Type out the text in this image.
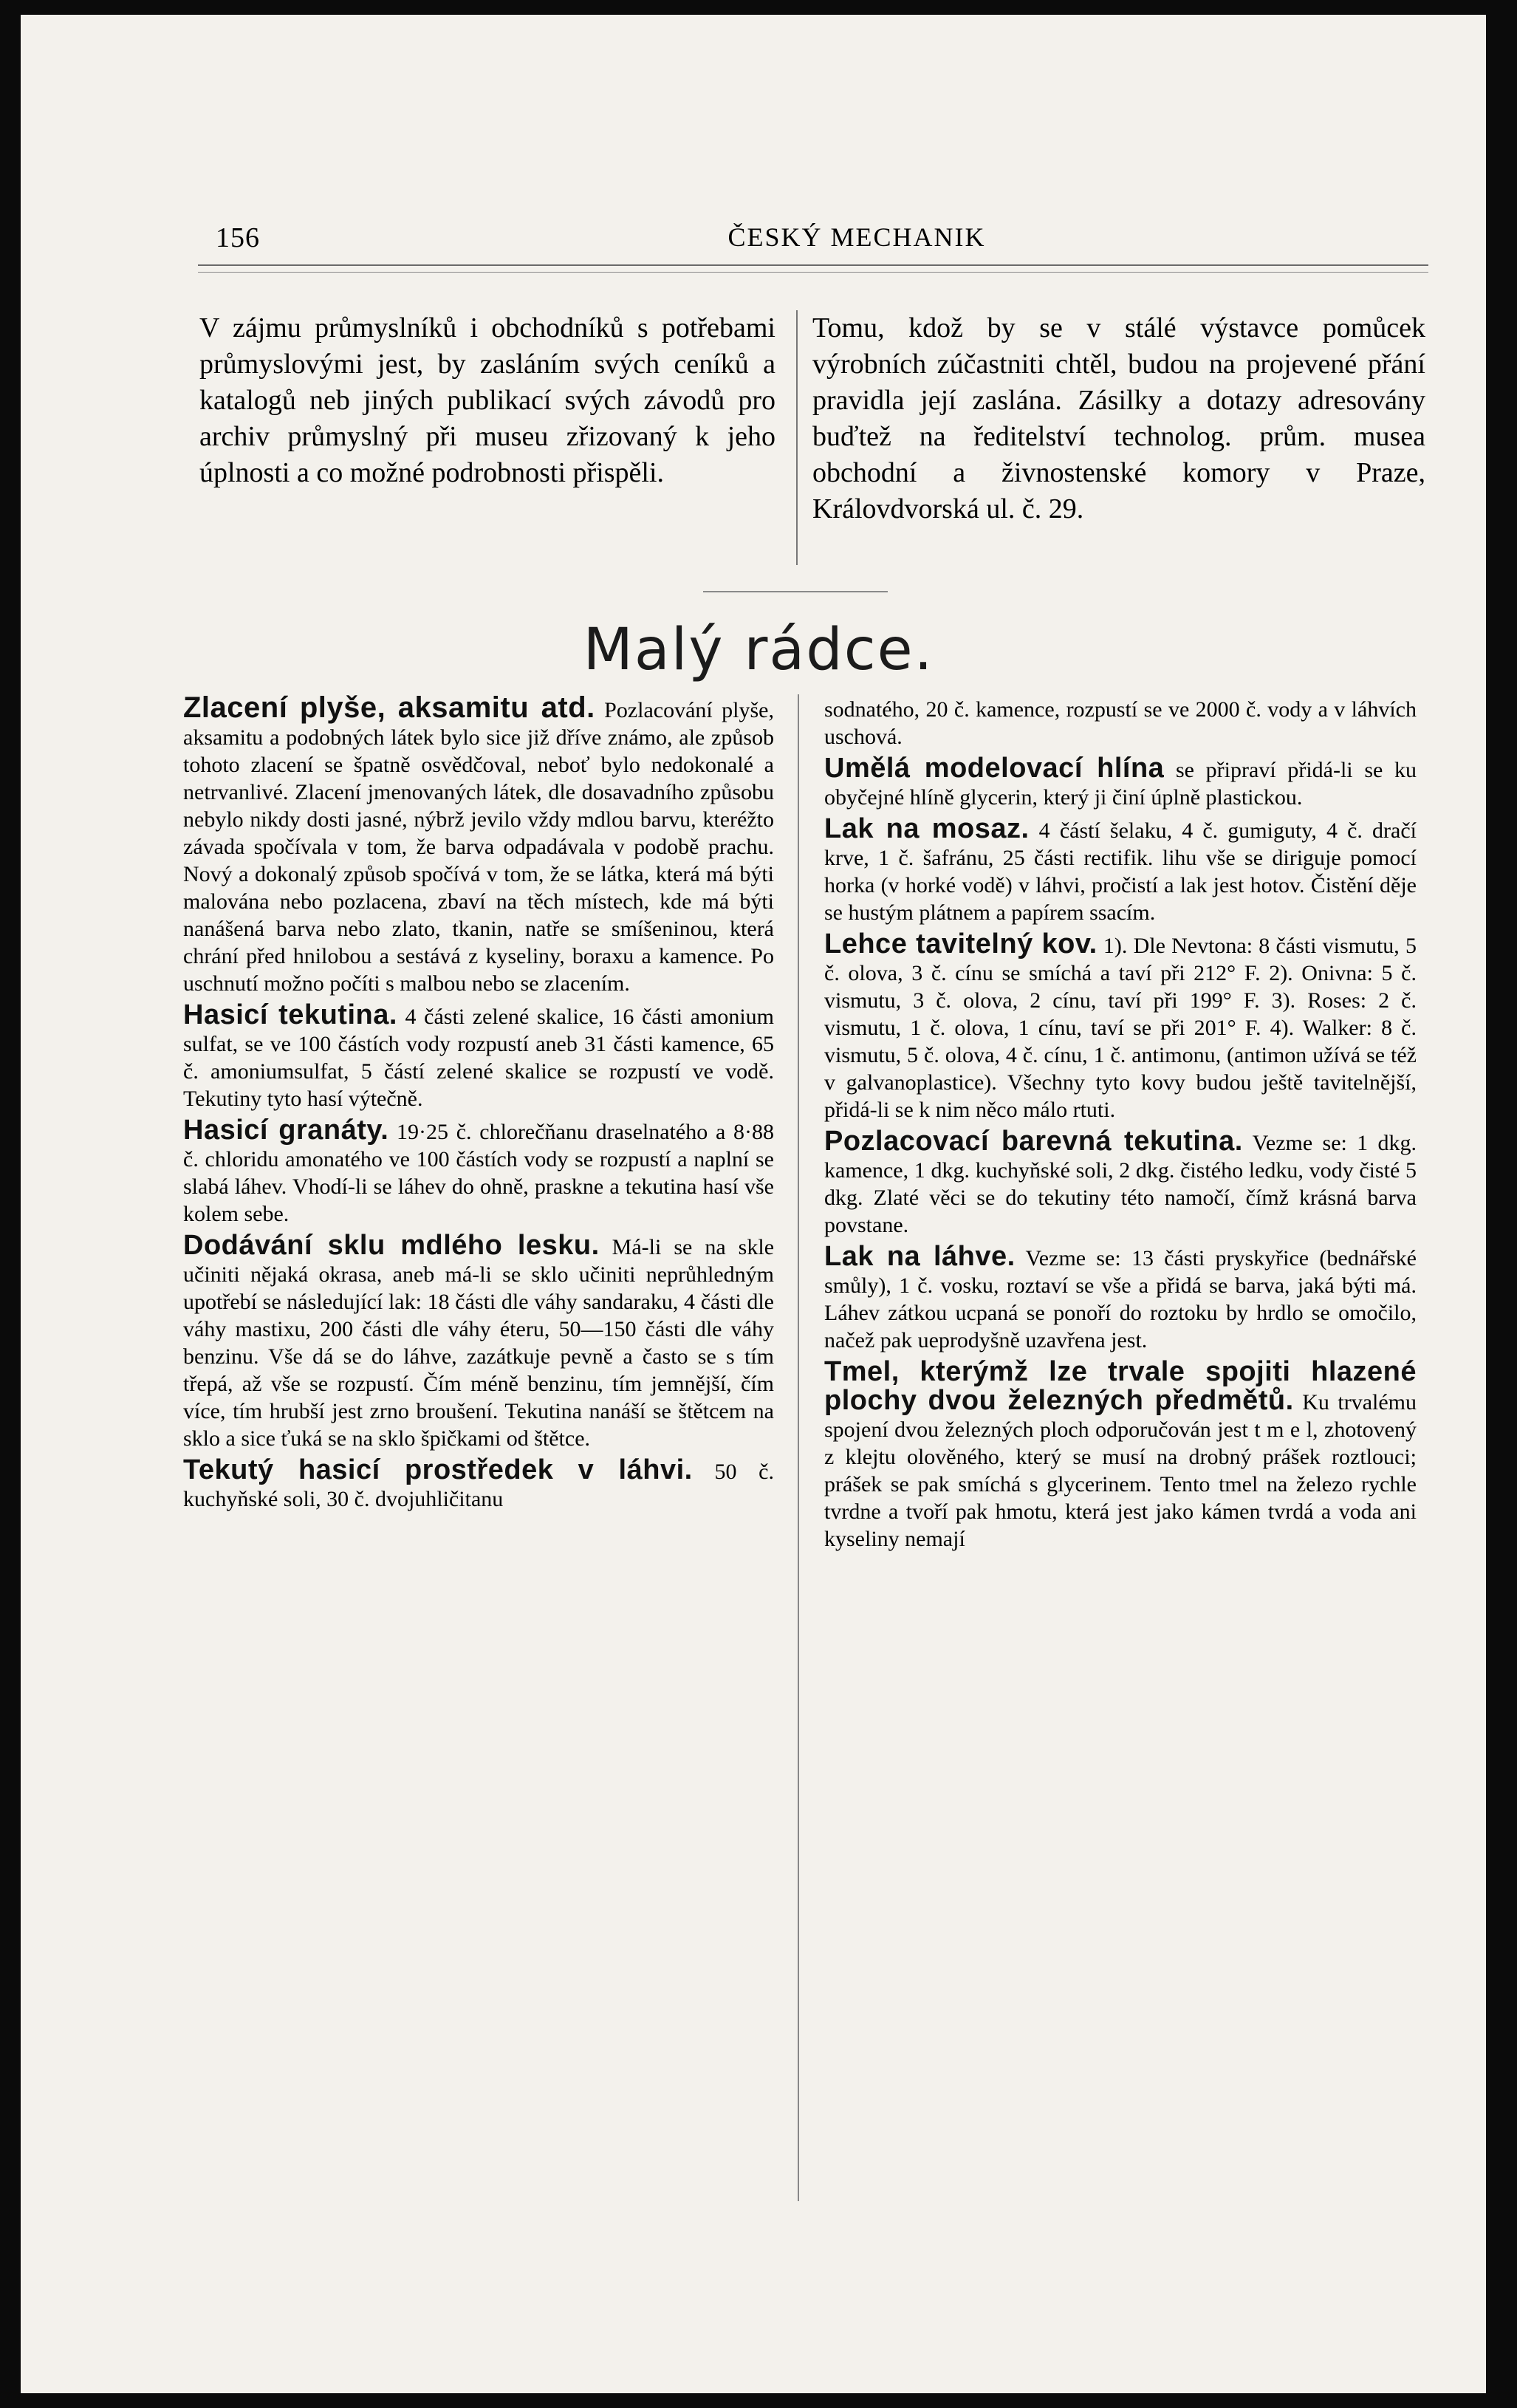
156	ČESKÝ MECHANIK

V zájmu průmyslníků i obchodníků s potřebami průmyslovými jest, by zasláním svých ceníků a katalogů neb jiných publikací svých závodů pro archiv průmyslný při museu zřizovaný k jeho úplnosti a co možné podrobnosti přispěli.

Tomu, kdož by se v stálé výstavce pomůcek výrobních zúčastniti chtěl, budou na projevené přání pravidla její zaslána. Zásilky a dotazy adresovány buďtež na ředitelství technolog. prům. musea obchodní a živnostenské komory v Praze, Královdvorská ul. č. 29.

Malý rádce.

Zlacení plyše, aksamitu atd. Pozlacování plyše, aksamitu a podobných látek bylo sice již dříve známo, ale způsob tohoto zlacení se špatně osvědčoval, neboť bylo nedokonalé a netrvanlivé. Zlacení jmenovaných látek, dle dosavadního způsobu nebylo nikdy dosti jasné, nýbrž jevilo vždy mdlou barvu, kteréžto závada spočívala v tom, že barva odpadávala v podobě prachu. Nový a dokonalý způsob spočívá v tom, že se látka, která má býti malována nebo pozlacena, zbaví na těch místech, kde má býti nanášená barva nebo zlato, tkanin, natře se smíšeninou, která chrání před hnilobou a sestává z kyseliny, boraxu a kamence. Po uschnutí možno počíti s malbou nebo se zlacením.

Hasicí tekutina. 4 části zelené skalice, 16 části amonium sulfat, se ve 100 částích vody rozpustí aneb 31 části kamence, 65 č. amoniumsulfat, 5 částí zelené skalice se rozpustí ve vodě. Tekutiny tyto hasí výtečně.

Hasicí granáty. 19·25 č. chlorečňanu draselnatého a 8·88 č. chloridu amonatého ve 100 částích vody se rozpustí a naplní se slabá láhev. Vhodí-li se láhev do ohně, praskne a tekutina hasí vše kolem sebe.

Dodávání sklu mdlého lesku. Má-li se na skle učiniti nějaká okrasa, aneb má-li se sklo učiniti neprůhledným upotřebí se následující lak: 18 části dle váhy sandaraku, 4 části dle váhy mastixu, 200 části dle váhy éteru, 50—150 části dle váhy benzinu. Vše dá se do láhve, zazátkuje pevně a často se s tím třepá, až vše se rozpustí. Čím méně benzinu, tím jemnější, čím více, tím hrubší jest zrno broušení. Tekutina nanáší se štětcem na sklo a sice ťuká se na sklo špičkami od štětce.

Tekutý hasicí prostředek v láhvi. 50 č. kuchyňské soli, 30 č. dvojuhličitanu

sodnatého, 20 č. kamence, rozpustí se ve 2000 č. vody a v láhvích uschová.

Umělá modelovací hlína se připraví přidá-li se ku obyčejné hlíně glycerin, který ji činí úplně plastickou.

Lak na mosaz. 4 částí šelaku, 4 č. gumiguty, 4 č. dračí krve, 1 č. šafránu, 25 části rectifik. lihu vše se diriguje pomocí horka (v horké vodě) v láhvi, pročistí a lak jest hotov. Čistění děje se hustým plátnem a papírem ssacím.

Lehce tavitelný kov. 1). Dle Nevtona: 8 části vismutu, 5 č. olova, 3 č. cínu se smíchá a taví při 212° F. 2). Onivna: 5 č. vismutu, 3 č. olova, 2 cínu, taví při 199° F. 3). Roses: 2 č. vismutu, 1 č. olova, 1 cínu, taví se při 201° F. 4). Walker: 8 č. vismutu, 5 č. olova, 4 č. cínu, 1 č. antimonu, (antimon užívá se též v galvanoplastice). Všechny tyto kovy budou ještě tavitelnější, přidá-li se k nim něco málo rtuti.

Pozlacovací barevná tekutina. Vezme se: 1 dkg. kamence, 1 dkg. kuchyňské soli, 2 dkg. čistého ledku, vody čisté 5 dkg. Zlaté věci se do tekutiny této namočí, čímž krásná barva povstane.

Lak na láhve. Vezme se: 13 části pryskyřice (bednářské smůly), 1 č. vosku, roztaví se vše a přidá se barva, jaká býti má. Láhev zátkou ucpaná se ponoří do roztoku by hrdlo se omočilo, načež pak ueprodyšně uzavřena jest.

Tmel, kterýmž lze trvale spojiti hlazené plochy dvou železných předmětů. Ku trvalému spojení dvou železných ploch odporučován jest t m e l, zhotovený z klejtu olověného, který se musí na drobný prášek roztlouci; prášek se pak smíchá s glycerinem. Tento tmel na železo rychle tvrdne a tvoří pak hmotu, která jest jako kámen tvrdá a voda ani kyseliny nemají
